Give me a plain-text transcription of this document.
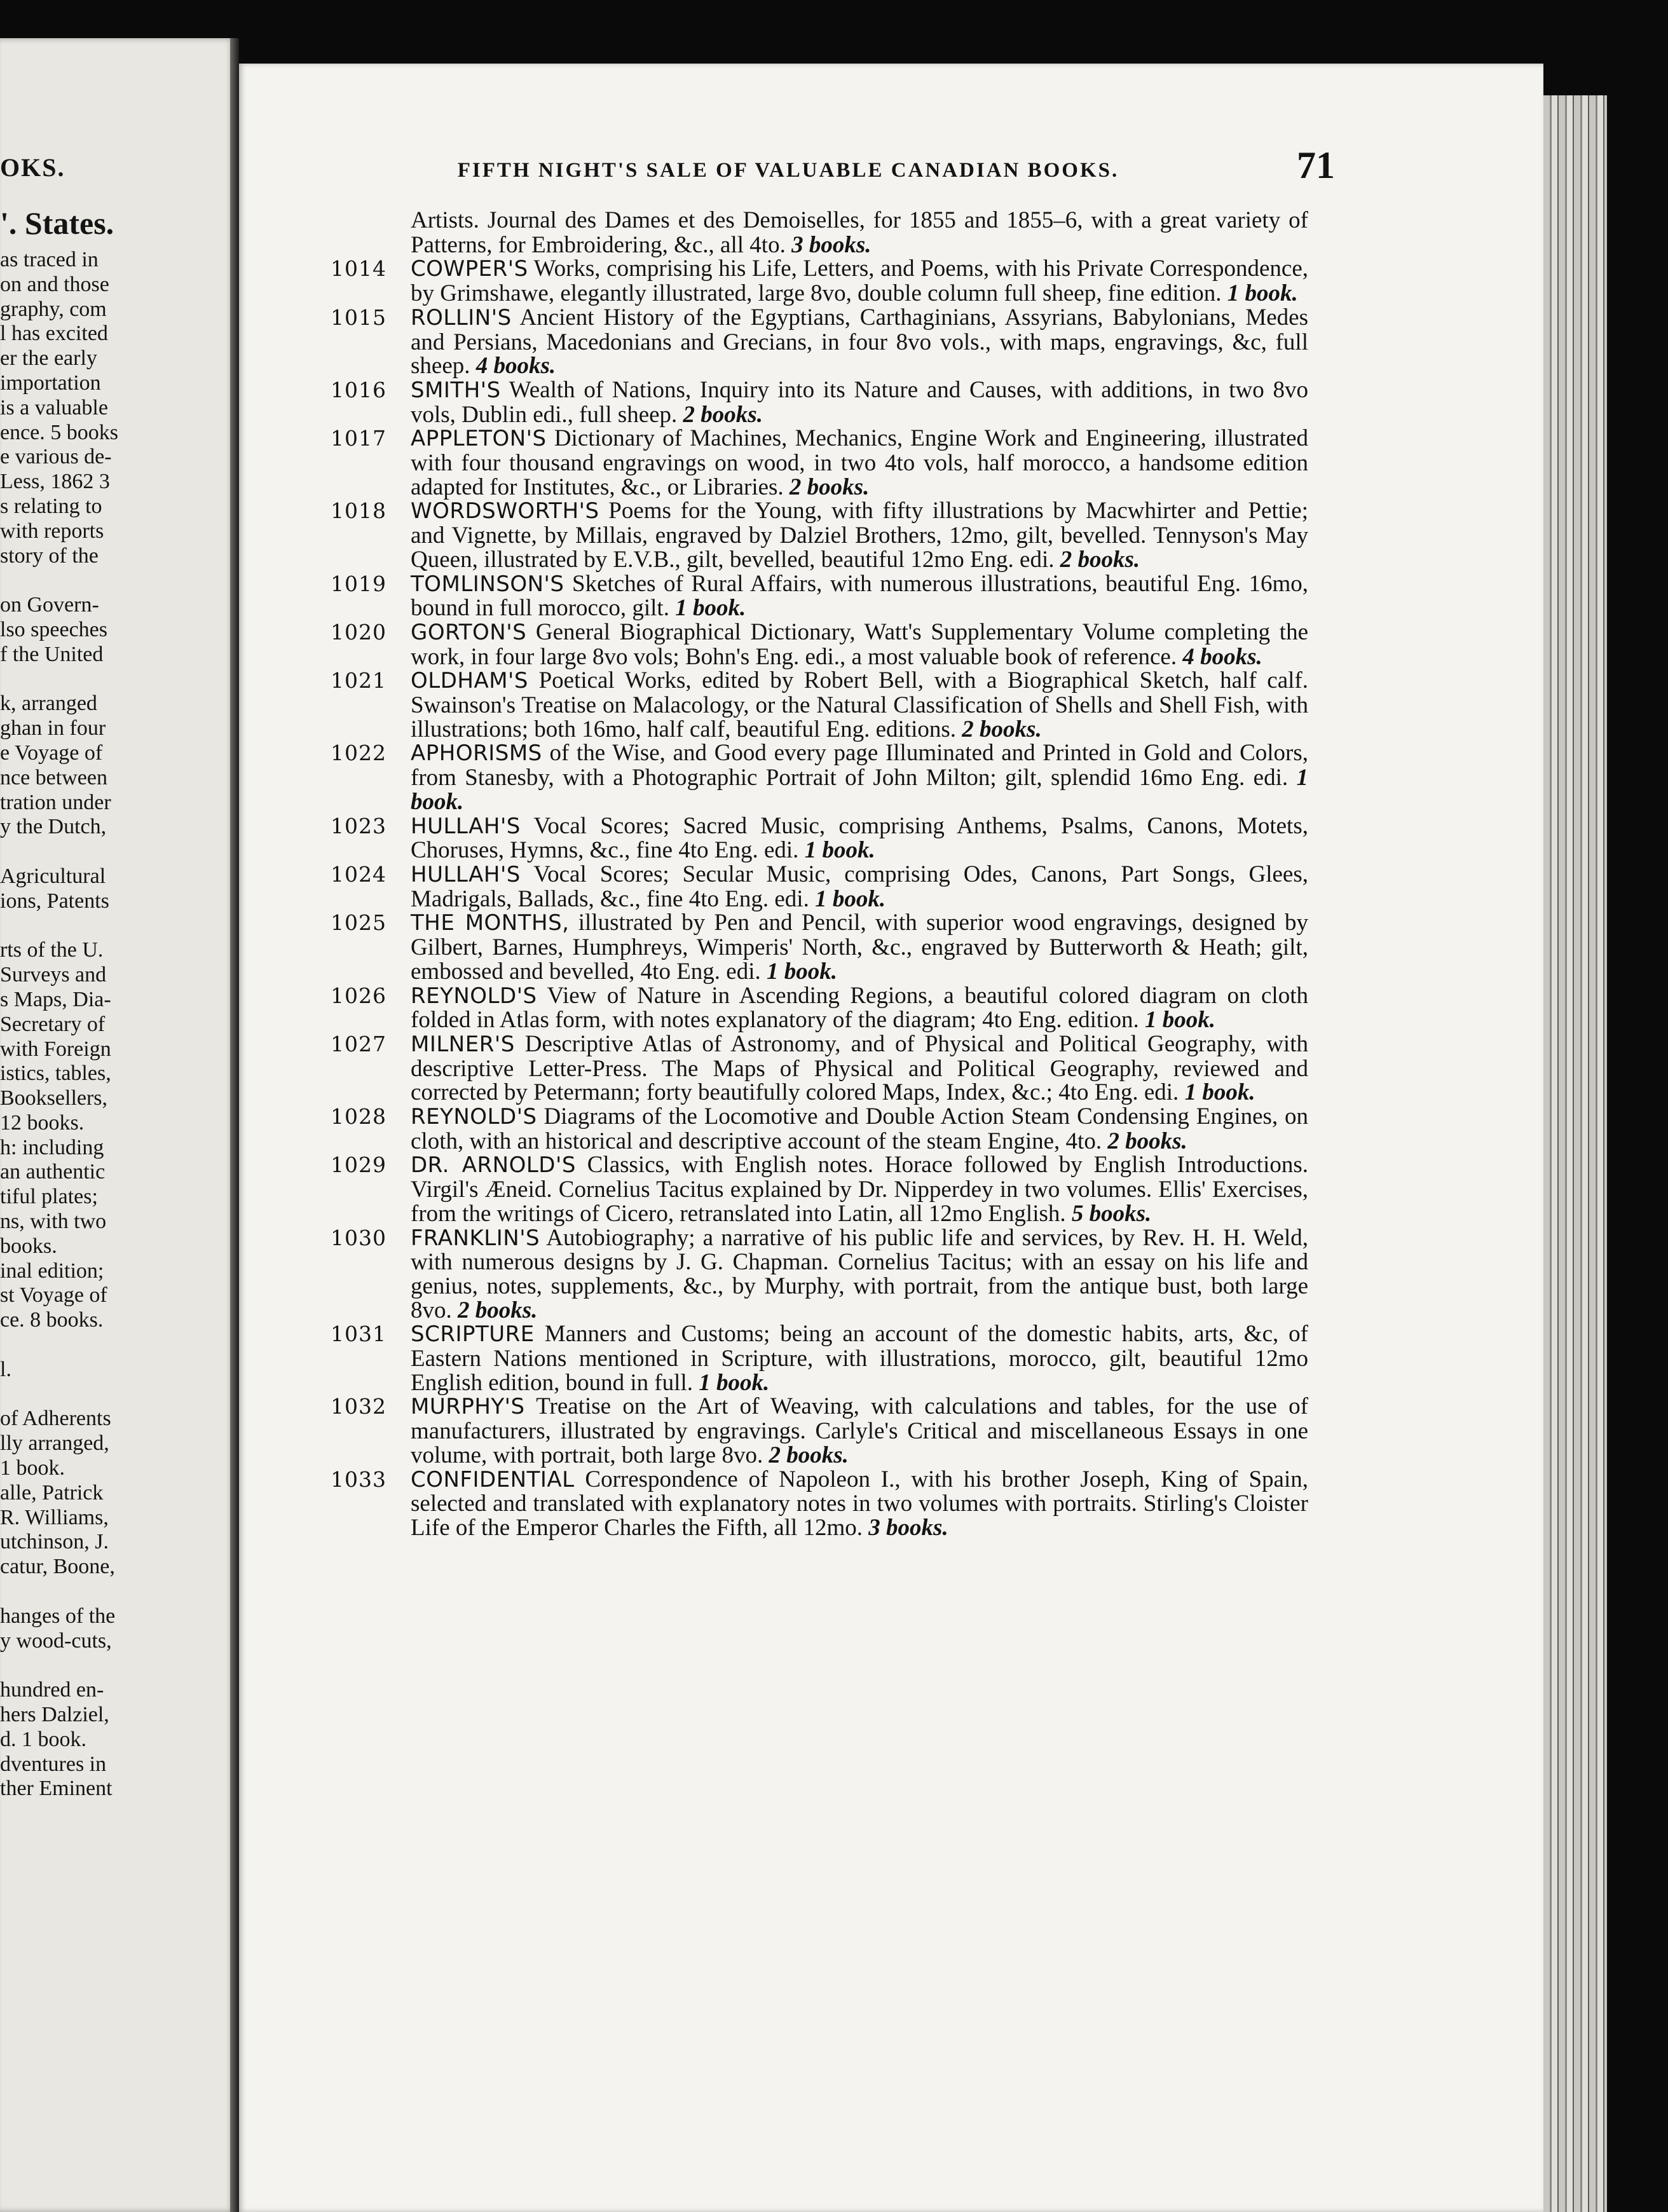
OKS.
'. States.
as traced in
on and those
graphy, com
l has excited
er the early
importation
is a valuable
ence. 5 books
e various de-
Less, 1862 3
s relating to
with reports
story of the
on Govern-
lso speeches
f the United
k, arranged
ghan in four
e Voyage of
nce between
tration under
y the Dutch,
Agricultural
ions, Patents
rts of the U.
Surveys and
s Maps, Dia-
Secretary of
with Foreign
istics, tables,
Booksellers,
12 books.
h: including
an authentic
tiful plates;
ns, with two
books.
inal edition;
st Voyage of
ce. 8 books.
l.
of Adherents
lly arranged,
1 book.
alle, Patrick
R. Williams,
utchinson, J.
catur, Boone,
hanges of the
y wood-cuts,
hundred en-
hers Dalziel,
d. 1 book.
dventures in
ther Eminent
FIFTH NIGHT'S SALE OF VALUABLE CANADIAN BOOKS.	71

Artists. Journal des Dames et des Demoiselles, for 1855 and 1855–6, with a great variety of Patterns, for Embroidering, &c., all 4to. 3 books.

1014	COWPER'S Works, comprising his Life, Letters, and Poems, with his Private Correspondence, by Grimshawe, elegantly illustrated, large 8vo, double column full sheep, fine edition. 1 book.

1015	ROLLIN'S Ancient History of the Egyptians, Carthaginians, Assyrians, Babylonians, Medes and Persians, Macedonians and Grecians, in four 8vo vols., with maps, engravings, &c, full sheep. 4 books.

1016	SMITH'S Wealth of Nations, Inquiry into its Nature and Causes, with additions, in two 8vo vols, Dublin edi., full sheep. 2 books.

1017	APPLETON'S Dictionary of Machines, Mechanics, Engine Work and Engineering, illustrated with four thousand engravings on wood, in two 4to vols, half morocco, a handsome edition adapted for Institutes, &c., or Libraries. 2 books.

1018	WORDSWORTH'S Poems for the Young, with fifty illustrations by Macwhirter and Pettie; and Vignette, by Millais, engraved by Dalziel Brothers, 12mo, gilt, bevelled. Tennyson's May Queen, illustrated by E.V.B., gilt, bevelled, beautiful 12mo Eng. edi. 2 books.

1019	TOMLINSON'S Sketches of Rural Affairs, with numerous illustrations, beautiful Eng. 16mo, bound in full morocco, gilt. 1 book.

1020	GORTON'S General Biographical Dictionary, Watt's Supplementary Volume completing the work, in four large 8vo vols; Bohn's Eng. edi., a most valuable book of reference. 4 books.

1021	OLDHAM'S Poetical Works, edited by Robert Bell, with a Biographical Sketch, half calf. Swainson's Treatise on Malacology, or the Natural Classification of Shells and Shell Fish, with illustrations; both 16mo, half calf, beautiful Eng. editions. 2 books.

1022	APHORISMS of the Wise, and Good every page Illuminated and Printed in Gold and Colors, from Stanesby, with a Photographic Portrait of John Milton; gilt, splendid 16mo Eng. edi. 1 book.

1023	HULLAH'S Vocal Scores; Sacred Music, comprising Anthems, Psalms, Canons, Motets, Choruses, Hymns, &c., fine 4to Eng. edi. 1 book.

1024	HULLAH'S Vocal Scores; Secular Music, comprising Odes, Canons, Part Songs, Glees, Madrigals, Ballads, &c., fine 4to Eng. edi. 1 book.

1025	THE MONTHS, illustrated by Pen and Pencil, with superior wood engravings, designed by Gilbert, Barnes, Humphreys, Wimperis' North, &c., engraved by Butterworth & Heath; gilt, embossed and bevelled, 4to Eng. edi. 1 book.

1026	REYNOLD'S View of Nature in Ascending Regions, a beautiful colored diagram on cloth folded in Atlas form, with notes explanatory of the diagram; 4to Eng. edition. 1 book.

1027	MILNER'S Descriptive Atlas of Astronomy, and of Physical and Political Geography, with descriptive Letter-Press. The Maps of Physical and Political Geography, reviewed and corrected by Petermann; forty beautifully colored Maps, Index, &c.; 4to Eng. edi. 1 book.

1028	REYNOLD'S Diagrams of the Locomotive and Double Action Steam Condensing Engines, on cloth, with an historical and descriptive account of the steam Engine, 4to. 2 books.

1029	DR. ARNOLD'S Classics, with English notes. Horace followed by English Introductions. Virgil's Æneid. Cornelius Tacitus explained by Dr. Nipperdey in two volumes. Ellis' Exercises, from the writings of Cicero, retranslated into Latin, all 12mo English. 5 books.

1030	FRANKLIN'S Autobiography; a narrative of his public life and services, by Rev. H. H. Weld, with numerous designs by J. G. Chapman. Cornelius Tacitus; with an essay on his life and genius, notes, supplements, &c., by Murphy, with portrait, from the antique bust, both large 8vo. 2 books.

1031	SCRIPTURE Manners and Customs; being an account of the domestic habits, arts, &c, of Eastern Nations mentioned in Scripture, with illustrations, morocco, gilt, beautiful 12mo English edition, bound in full. 1 book.

1032	MURPHY'S Treatise on the Art of Weaving, with calculations and tables, for the use of manufacturers, illustrated by engravings. Carlyle's Critical and miscellaneous Essays in one volume, with portrait, both large 8vo. 2 books.

1033	CONFIDENTIAL Correspondence of Napoleon I., with his brother Joseph, King of Spain, selected and translated with explanatory notes in two volumes with portraits. Stirling's Cloister Life of the Emperor Charles the Fifth, all 12mo. 3 books.
